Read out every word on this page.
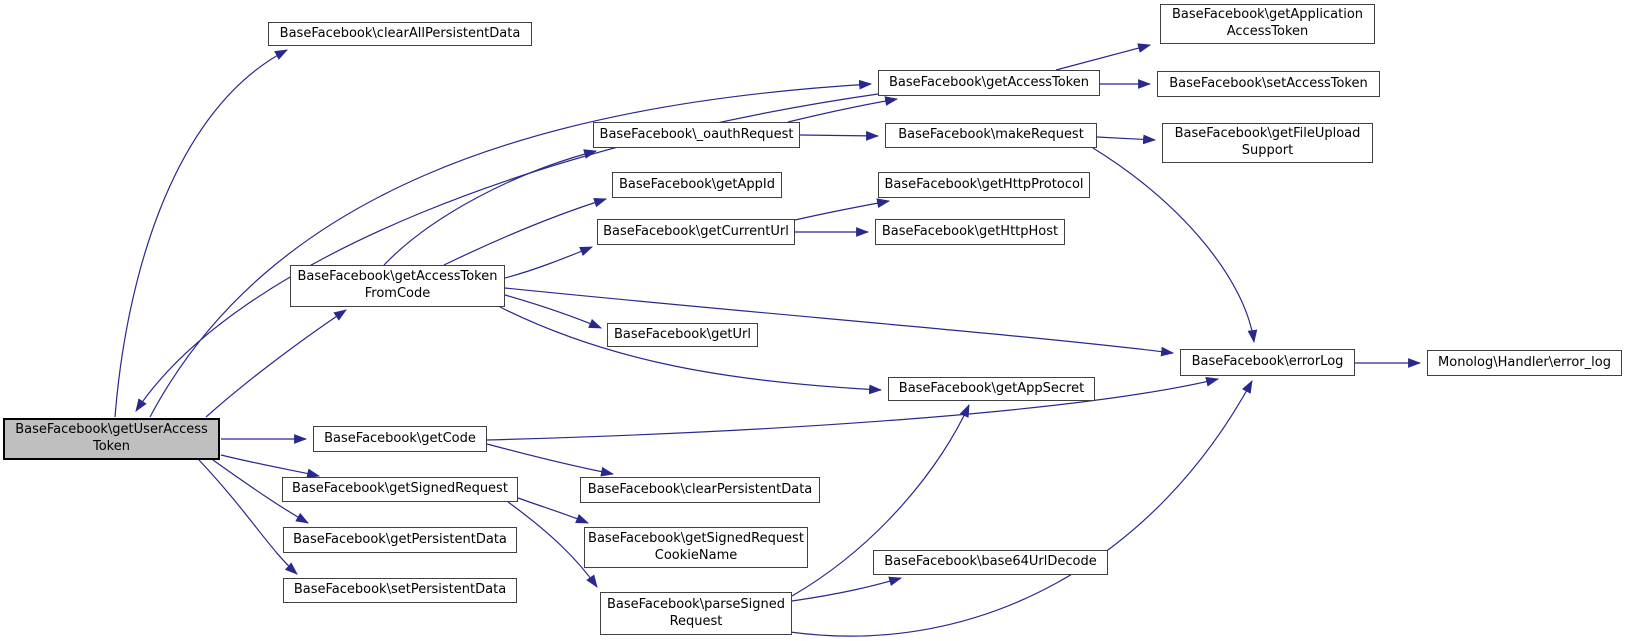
BaseFacebook\clearAllPersistentData
BaseFacebook\getApplication
AccessToken
BaseFacebook\getAccessToken	BaseFacebook\setAccessToken
BaseFacebook\_oauthRequest	BaseFacebook\makeRequest	BaseFacebook\getFileUpload
Support
BaseFacebook\getAppId	BaseFacebook\getHttpProtocol
BaseFacebook\getCurrentUrl	BaseFacebook\getHttpHost
BaseFacebook\getAccessToken
FromCode
BaseFacebook\getUrl
BaseFacebook\errorLog	Monolog\Handler\error_log
BaseFacebook\getAppSecret
BaseFacebook\getUserAccess
Token
BaseFacebook\getCode
BaseFacebook\getSignedRequest	BaseFacebook\clearPersistentData
BaseFacebook\getPersistentData
BaseFacebook\setPersistentData
BaseFacebook\getSignedRequest
CookieName
BaseFacebook\parseSigned
Request
BaseFacebook\base64UrlDecode
